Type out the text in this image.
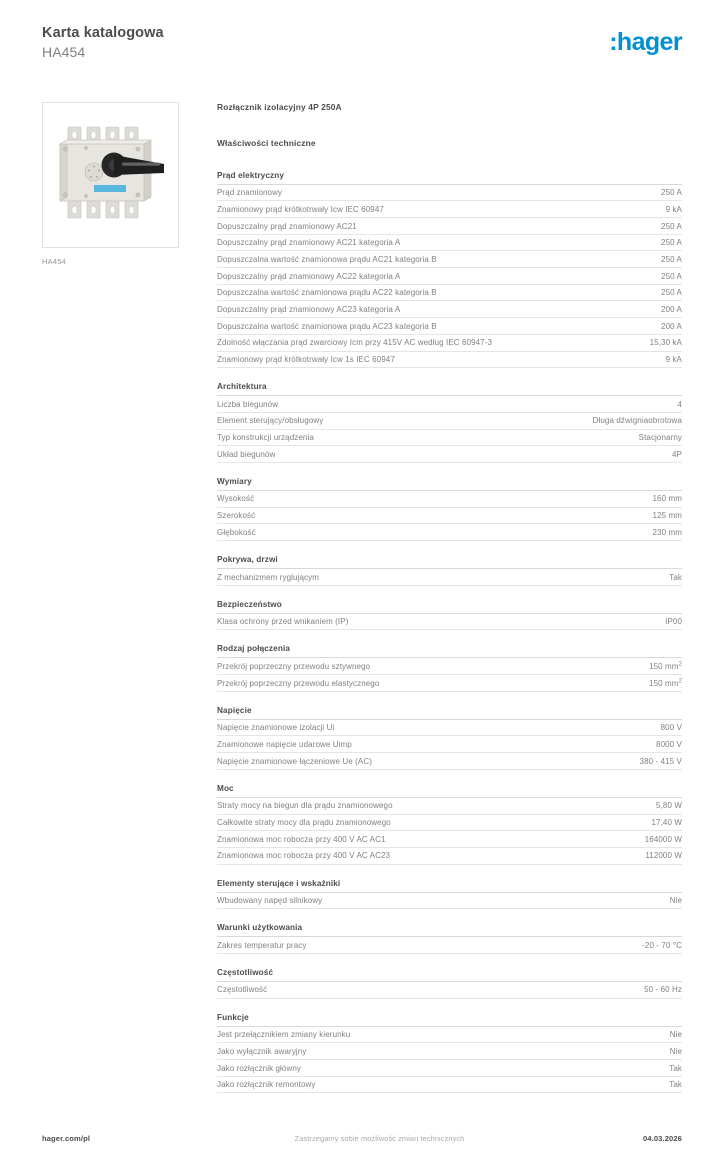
Karta katalogowa
HA454	:hager
HA454
Rozłącznik izolacyjny 4P 250A
Właściwości techniczne
Prąd elektryczny
Prąd znamionowy	250 A
Znamionowy prąd krótkotrwały Icw IEC 60947	9 kA
Dopuszczalny prąd znamionowy AC21	250 A
Dopuszczalny prąd znamionowy AC21 kategoria A	250 A
Dopuszczalna wartość znamionowa prądu AC21 kategoria B	250 A
Dopuszczalny prąd znamionowy AC22 kategoria A	250 A
Dopuszczalna wartość znamionowa prądu AC22 kategoria B	250 A
Dopuszczalny prąd znamionowy AC23 kategoria A	200 A
Dopuszczalna wartość znamionowa prądu AC23 kategoria B	200 A
Zdolność włączania prąd zwarciowy Icm przy 415V AC według IEC 60947-3	15,30 kA
Znamionowy prąd krótkotrwały Icw 1s IEC 60947	9 kA
Architektura
Liczba biegunów	4
Element sterujący/obsługowy	Długa dźwigniaobrotowa
Typ konstrukcji urządzenia	Stacjonarny
Układ biegunów	4P
Wymiary
Wysokość	160 mm
Szerokość	125 mm
Głębokość	230 mm
Pokrywa, drzwi
Z mechanizmem ryglującym	Tak
Bezpieczeństwo
Klasa ochrony przed wnikaniem (IP)	IP00
Rodzaj połączenia
Przekrój poprzeczny przewodu sztywnego	150 $mm^2$
Przekrój poprzeczny przewodu elastycznego	150 $mm^2$
Napięcie
Napięcie znamionowe izolacji Ui	800 V
Znamionowe napięcie udarowe Uimp	8000 V
Napięcie znamionowe łączeniowe Ue (AC)	380 - 415 V
Moc
Straty mocy na biegun dla prądu znamionowego	5,80 W
Całkowite straty mocy dla prądu znamionowego	17,40 W
Znamionowa moc robocza przy 400 V AC AC1	164000 W
Znamionowa moc robocza przy 400 V AC AC23	112000 W
Elementy sterujące i wskaźniki
Wbudowany napęd silnikowy	Nie
Warunki użytkowania
Zakres temperatur pracy	-20 - 70 °C
Częstotliwość
Częstotliwość	50 - 60 Hz
Funkcje
Jest przełącznikiem zmiany kierunku	Nie
Jako wyłącznik awaryjny	Nie
Jako rozłącznik główny	Tak
Jako rozłącznik remontowy	Tak
hager.com/pl	Zastrzegamy sobie możliwość zmian technicznych	04.03.2026
